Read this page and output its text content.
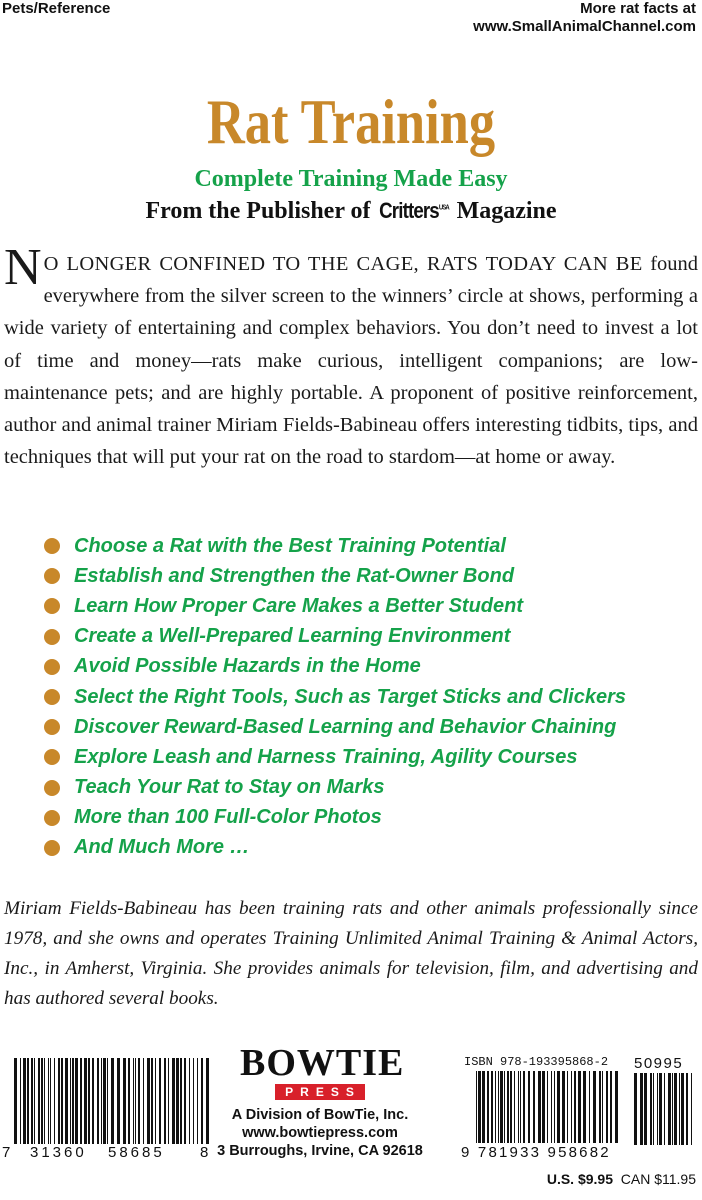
Pets/Reference	More rat facts at
www.SmallAnimalChannel.com
Rat Training
Complete Training Made Easy
From the Publisher of Critters$^{USA}$ Magazine
NO LONGER CONFINED TO THE CAGE, RATS TODAY CAN BE found everywhere from the silver screen to the winners’ circle at shows, performing a wide variety of entertaining and complex behaviors. You don’t need to invest a lot of time and money—rats make curious, intelligent companions; are low-maintenance pets; and are highly portable. A proponent of positive reinforcement, author and animal trainer Miriam Fields-Babineau offers interesting tidbits, tips, and techniques that will put your rat on the road to stardom—at home or away.
Choose a Rat with the Best Training Potential
Establish and Strengthen the Rat-Owner Bond
Learn How Proper Care Makes a Better Student
Create a Well-Prepared Learning Environment
Avoid Possible Hazards in the Home
Select the Right Tools, Such as Target Sticks and Clickers
Discover Reward-Based Learning and Behavior Chaining
Explore Leash and Harness Training, Agility Courses
Teach Your Rat to Stay on Marks
More than 100 Full-Color Photos
And Much More …
Miriam Fields-Babineau has been training rats and other animals professionally since 1978, and she owns and operates Training Unlimited Animal Training & Animal Actors, Inc., in Amherst, Virginia. She provides animals for television, film, and advertising and has authored several books.
7 31360 58685 8
BOWTIE
PRESS
A Division of BowTie, Inc.
www.bowtiepress.com
3 Burroughs, Irvine, CA 92618
ISBN 978-193395868-2
9 781933 958682
50995
U.S. $9.95 CAN $11.95
